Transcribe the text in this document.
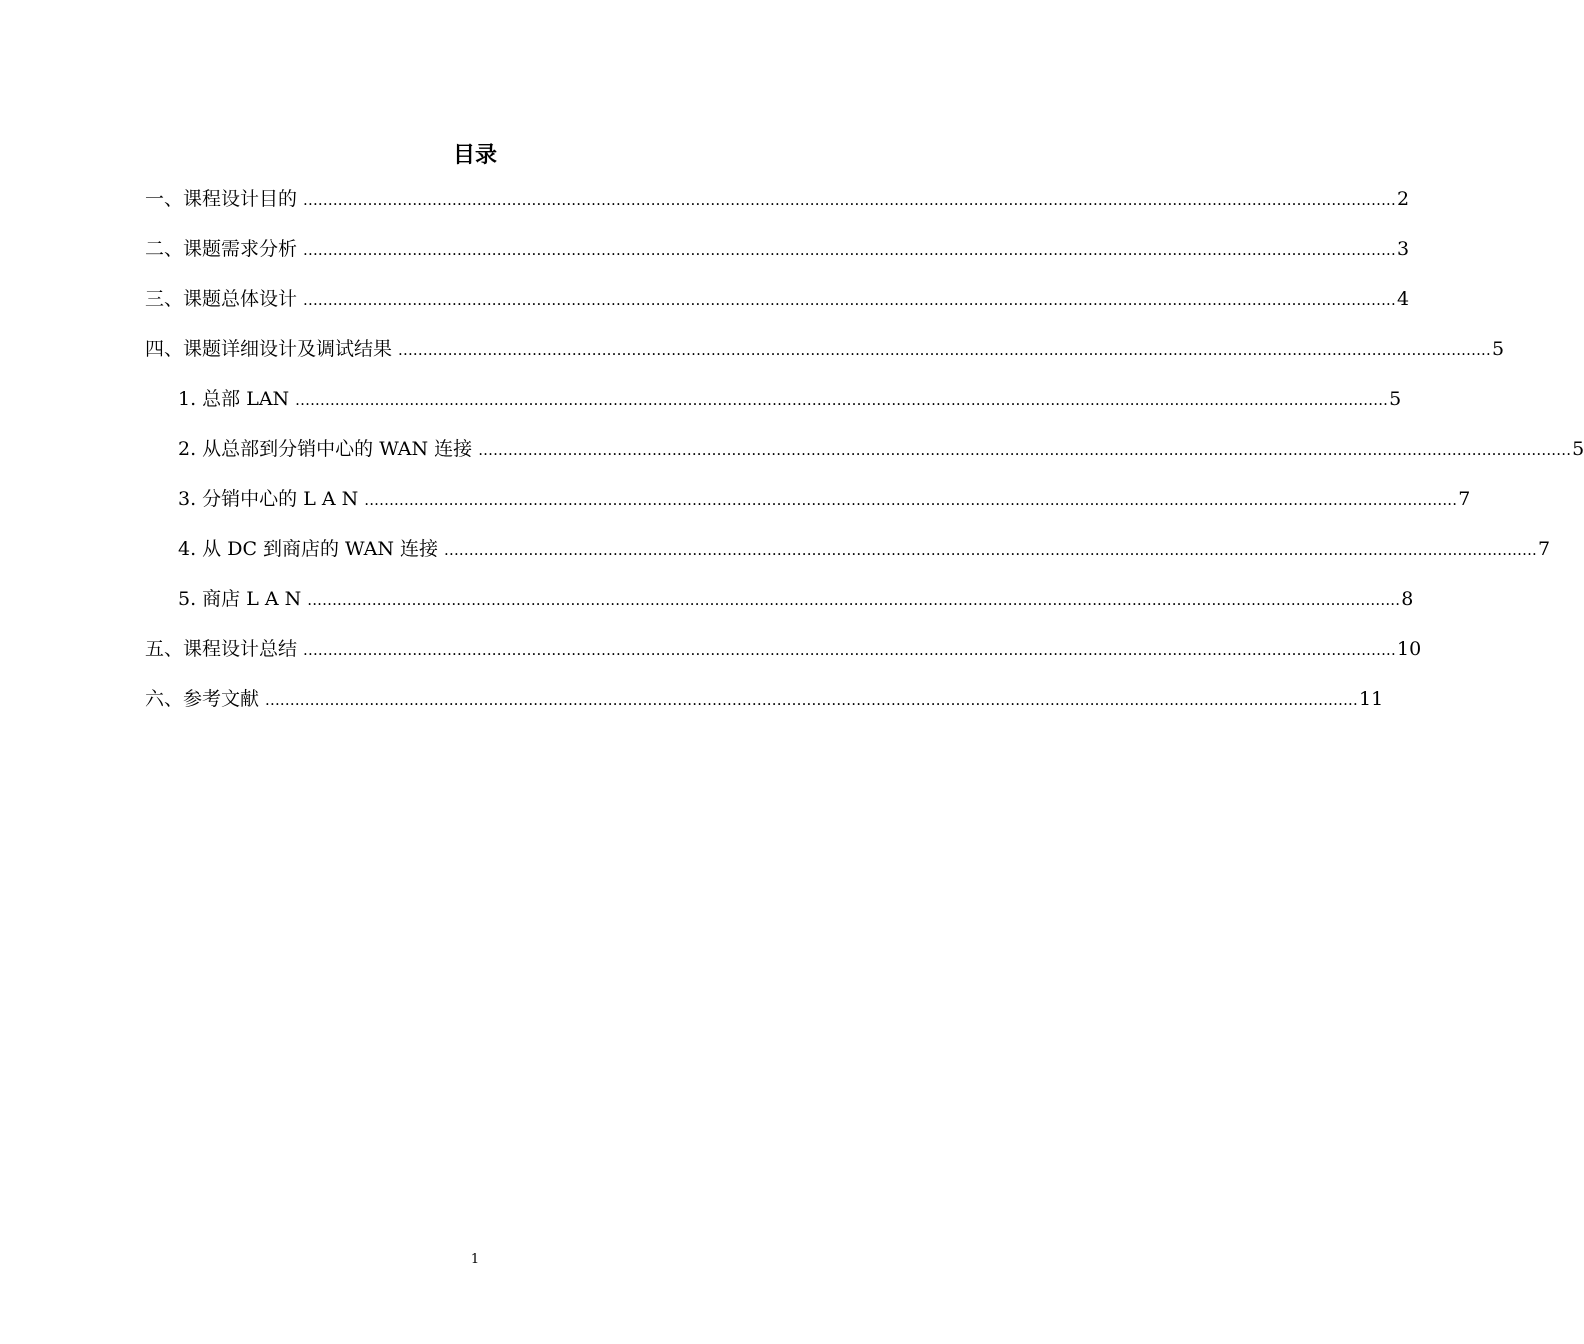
目录
一、课程设计目的 ............................................................................................................................................................................................................................ 2
二、课题需求分析 ............................................................................................................................................................................................................................ 3
三、课题总体设计 ............................................................................................................................................................................................................................ 4
四、课题详细设计及调试结果 ............................................................................................................................................................................................................................ 5
1. 总部 LAN ............................................................................................................................................................................................................................ 5
2. 从总部到分销中心的 WAN 连接 ............................................................................................................................................................................................................................ 5
3. 分销中心的 L A N ............................................................................................................................................................................................................................ 7
4. 从 DC 到商店的 WAN 连接 ............................................................................................................................................................................................................................ 7
5. 商店 L A N ............................................................................................................................................................................................................................ 8
五、课程设计总结 ............................................................................................................................................................................................................................ 10
六、参考文献 ............................................................................................................................................................................................................................ 11
1
